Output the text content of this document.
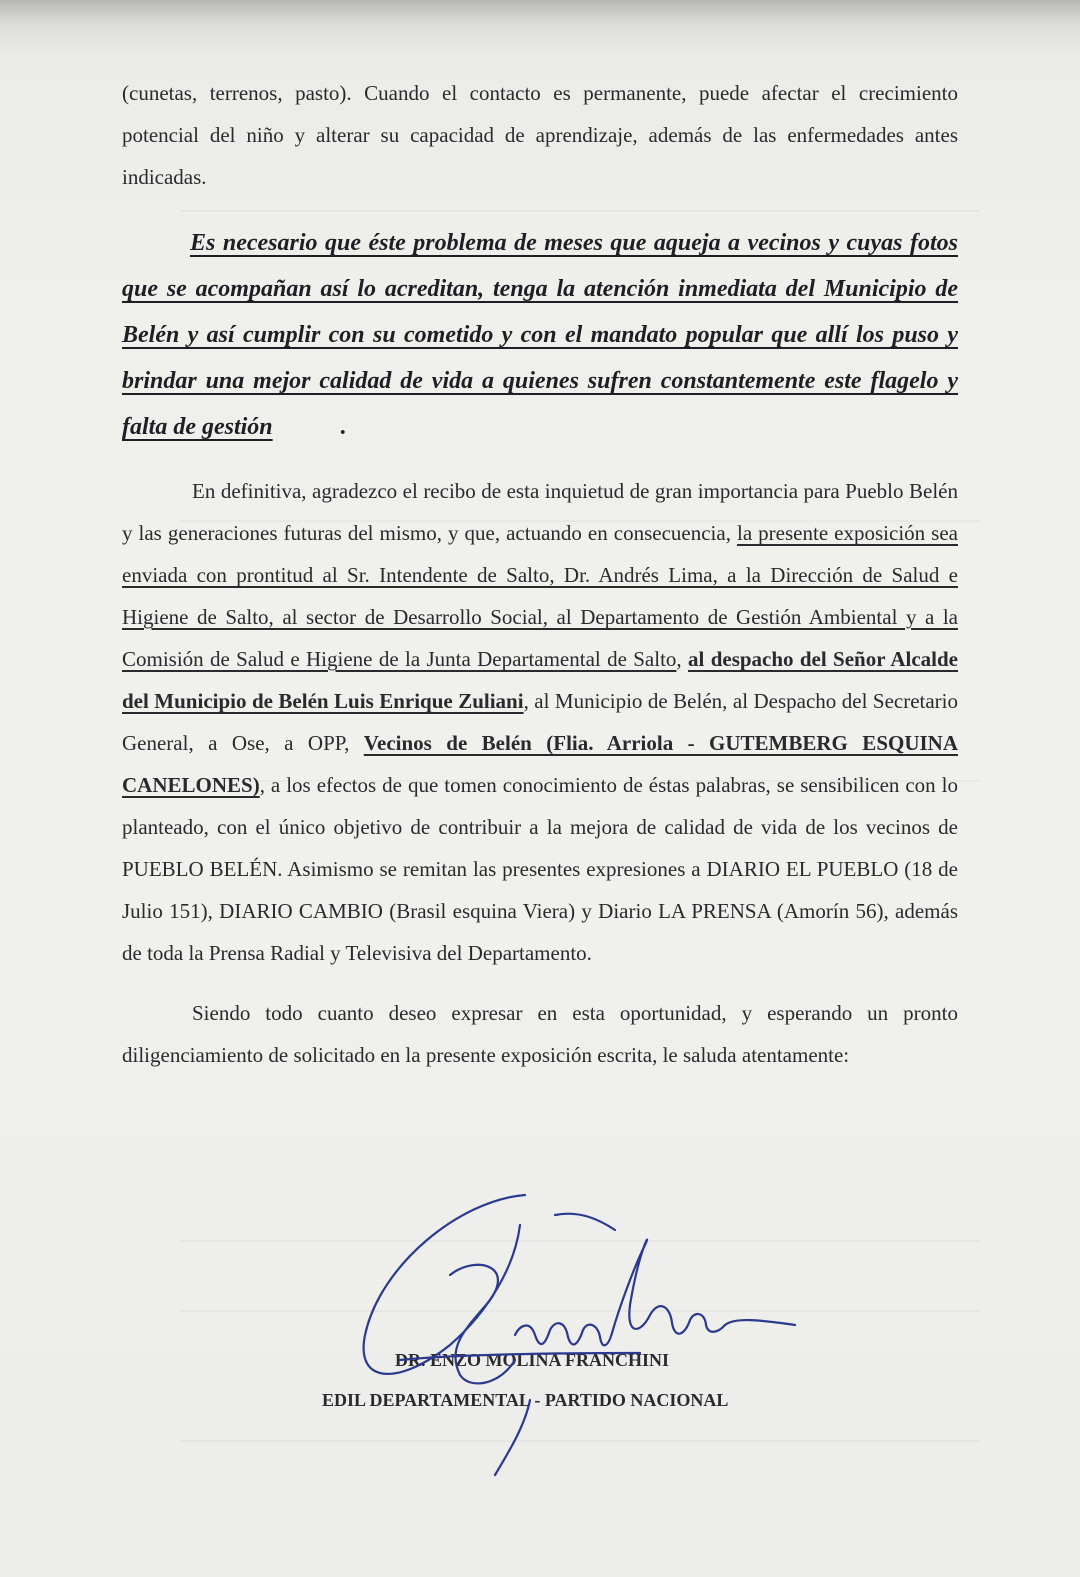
(cunetas, terrenos, pasto). Cuando el contacto es permanente, puede afectar el crecimiento potencial del niño y alterar su capacidad de aprendizaje, además de las enfermedades antes indicadas.

Es necesario que éste problema de meses que aqueja a vecinos y cuyas fotos que se acompañan así lo acreditan, tenga la atención inmediata del Municipio de Belén y así cumplir con su cometido y con el mandato popular que allí los puso y brindar una mejor calidad de vida a quienes sufren constantemente este flagelo y falta de gestión	.

En definitiva, agradezco el recibo de esta inquietud de gran importancia para Pueblo Belén y las generaciones futuras del mismo, y que, actuando en consecuencia, la presente exposición sea enviada con prontitud al Sr. Intendente de Salto, Dr. Andrés Lima, a la Dirección de Salud e Higiene de Salto, al sector de Desarrollo Social, al Departamento de Gestión Ambiental y a la Comisión de Salud e Higiene de la Junta Departamental de Salto, al despacho del Señor Alcalde del Municipio de Belén Luis Enrique Zuliani, al Municipio de Belén, al Despacho del Secretario General, a Ose, a OPP, Vecinos de Belén (Flia. Arriola - GUTEMBERG ESQUINA CANELONES), a los efectos de que tomen conocimiento de éstas palabras, se sensibilicen con lo planteado, con el único objetivo de contribuir a la mejora de calidad de vida de los vecinos de PUEBLO BELÉN. Asimismo se remitan las presentes expresiones a DIARIO EL PUEBLO (18 de Julio 151), DIARIO CAMBIO (Brasil esquina Viera) y Diario LA PRENSA (Amorín 56), además de toda la Prensa Radial y Televisiva del Departamento.

Siendo todo cuanto deseo expresar en esta oportunidad, y esperando un pronto diligenciamiento de solicitado en la presente exposición escrita, le saluda atentamente:

DR. ENZO MOLINA FRANCHINI
EDIL DEPARTAMENTAL - PARTIDO NACIONAL
